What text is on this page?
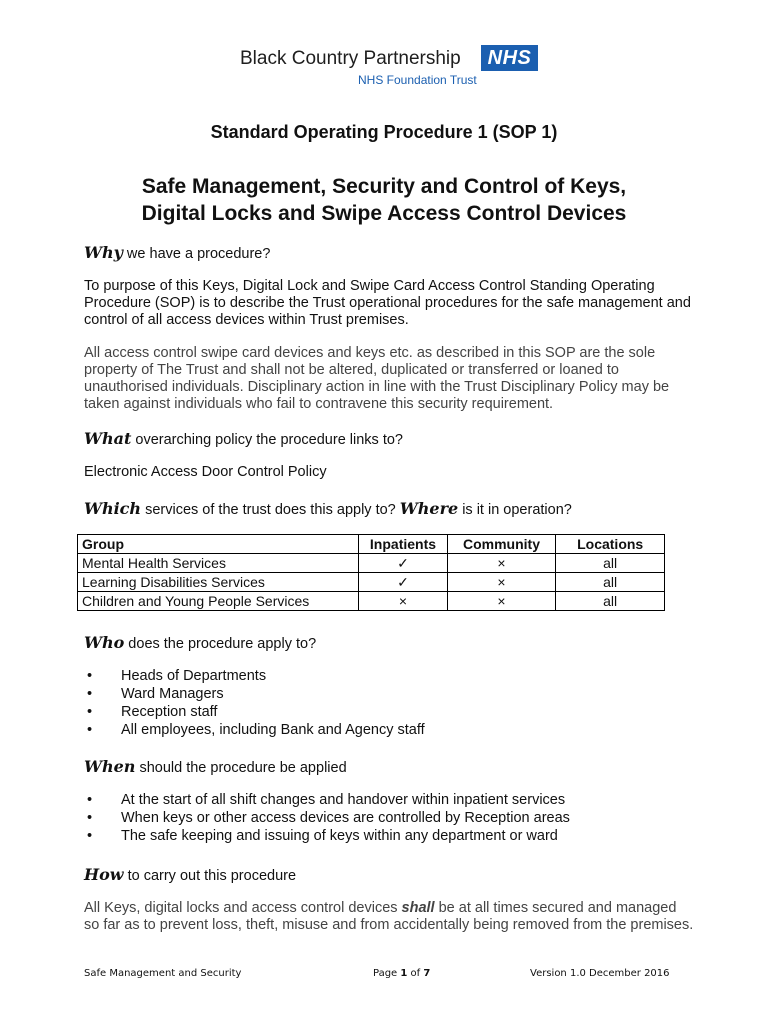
Black Country Partnership	NHS
NHS Foundation Trust
Standard Operating Procedure 1 (SOP 1)
Safe Management, Security and Control of Keys,
Digital Locks and Swipe Access Control Devices
Why we have a procedure?
To purpose of this Keys, Digital Lock and Swipe Card Access Control Standing Operating Procedure (SOP) is to describe the Trust operational procedures for the safe management and control of all access devices within Trust premises.
All access control swipe card devices and keys etc. as described in this SOP are the sole property of The Trust and shall not be altered, duplicated or transferred or loaned to unauthorised individuals. Disciplinary action in line with the Trust Disciplinary Policy may be taken against individuals who fail to contravene this security requirement.
What overarching policy the procedure links to?
Electronic Access Door Control Policy
Which services of the trust does this apply to? Where is it in operation?
Group	Inpatients	Community	Locations
Mental Health Services	✓	×	all
Learning Disabilities Services	✓	×	all
Children and Young People Services	×	×	all
Who does the procedure apply to?
• Heads of Departments
• Ward Managers
• Reception staff
• All employees, including Bank and Agency staff
When should the procedure be applied
• At the start of all shift changes and handover within inpatient services
• When keys or other access devices are controlled by Reception areas
• The safe keeping and issuing of keys within any department or ward
How to carry out this procedure
All Keys, digital locks and access control devices shall be at all times secured and managed so far as to prevent loss, theft, misuse and from accidentally being removed from the premises.
Safe Management and Security	Page 1 of 7	Version 1.0 December 2016
